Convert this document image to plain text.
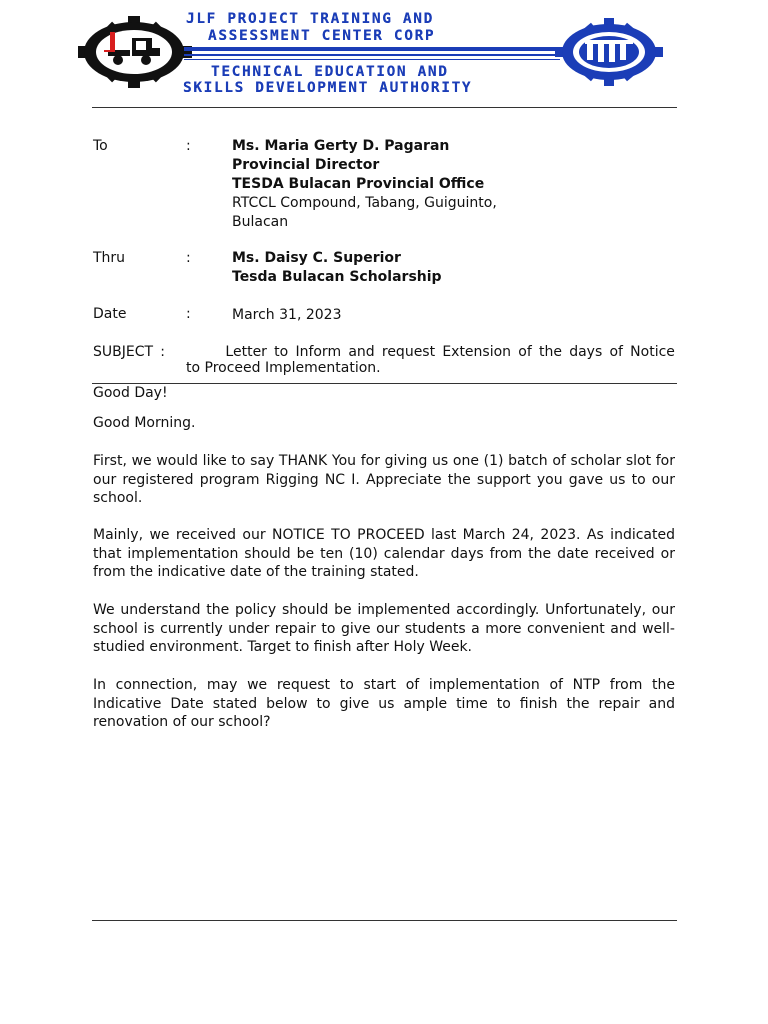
JLF PROJECT TRAINING AND
ASSESSMENT CENTER CORP
TECHNICAL EDUCATION AND
SKILLS DEVELOPMENT AUTHORITY
To	:	Ms. Maria Gerty D. Pagaran
Provincial Director
TESDA Bulacan Provincial Office
RTCCL Compound, Tabang, Guiguinto,
Bulacan
Thru	:	Ms. Daisy C. Superior
Tesda Bulacan Scholarship
Date	:	March 31, 2023
SUBJECT :	Letter to Inform and request Extension of the days of Notice
to Proceed Implementation.
Good Day!
Good Morning.
First, we would like to say THANK You for giving us one (1) batch of scholar slot for our registered program Rigging NC I. Appreciate the support you gave us to our school.
Mainly, we received our NOTICE TO PROCEED last March 24, 2023. As indicated that implementation should be ten (10) calendar days from the date received or from the indicative date of the training stated.
We understand the policy should be implemented accordingly. Unfortunately, our school is currently under repair to give our students a more convenient and well-studied environment. Target to finish after Holy Week.
In connection, may we request to start of implementation of NTP from the Indicative Date stated below to give us ample time to finish the repair and renovation of our school?
